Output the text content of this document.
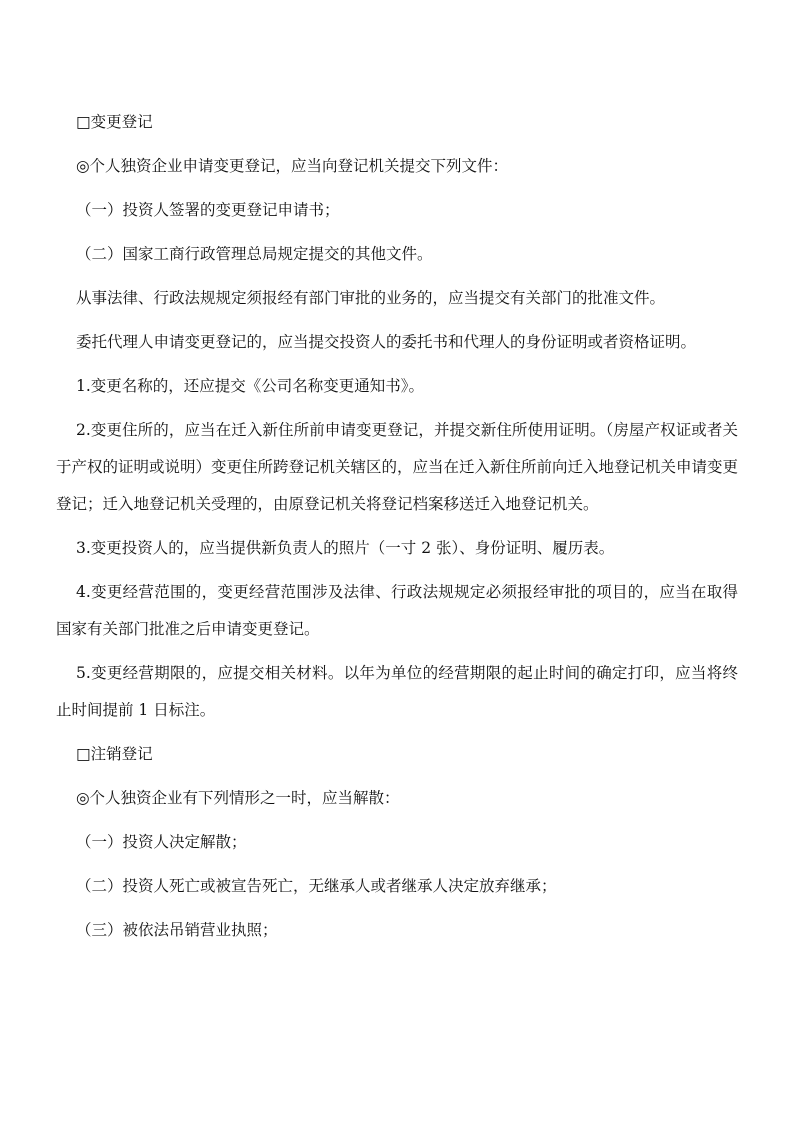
□变更登记

◎个人独资企业申请变更登记，应当向登记机关提交下列文件：

（一）投资人签署的变更登记申请书；

（二）国家工商行政管理总局规定提交的其他文件。

从事法律、行政法规规定须报经有部门审批的业务的，应当提交有关部门的批准文件。

委托代理人申请变更登记的，应当提交投资人的委托书和代理人的身份证明或者资格证明。

1.变更名称的，还应提交《公司名称变更通知书》。

2.变更住所的，应当在迁入新住所前申请变更登记，并提交新住所使用证明。（房屋产权证或者关于产权的证明或说明）变更住所跨登记机关辖区的，应当在迁入新住所前向迁入地登记机关申请变更登记；迁入地登记机关受理的，由原登记机关将登记档案移送迁入地登记机关。

3.变更投资人的，应当提供新负责人的照片（一寸 2 张）、身份证明、履历表。

4.变更经营范围的，变更经营范围涉及法律、行政法规规定必须报经审批的项目的，应当在取得国家有关部门批准之后申请变更登记。

5.变更经营期限的，应提交相关材料。以年为单位的经营期限的起止时间的确定打印，应当将终止时间提前 1 日标注。

□注销登记

◎个人独资企业有下列情形之一时，应当解散：

（一）投资人决定解散；

（二）投资人死亡或被宣告死亡，无继承人或者继承人决定放弃继承；

（三）被依法吊销营业执照；
